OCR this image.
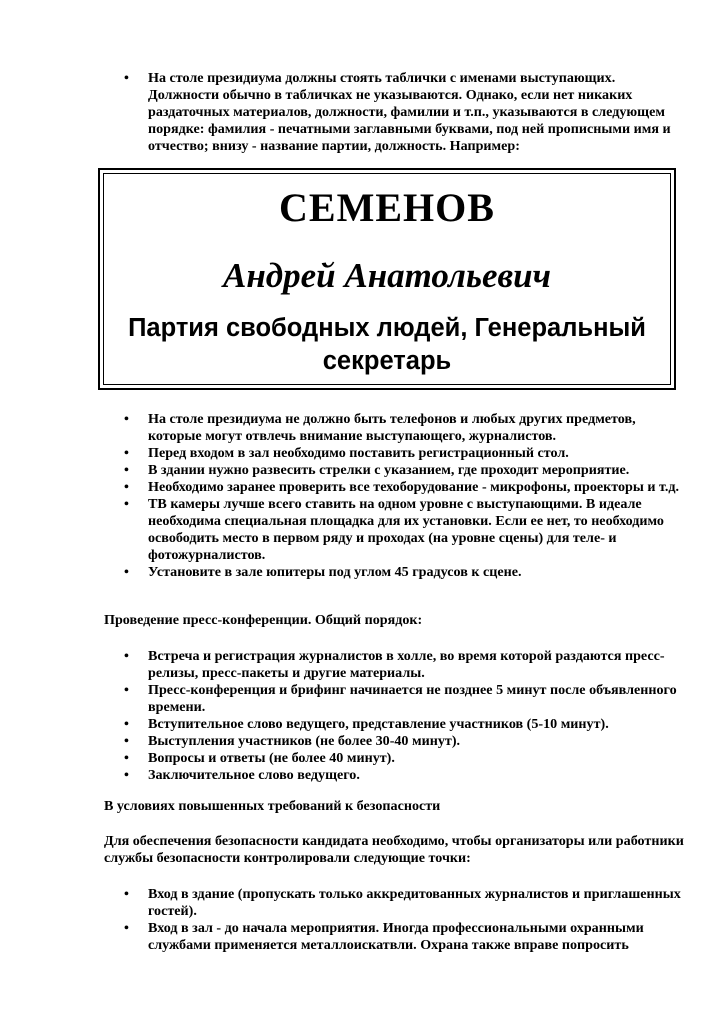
• На столе президиума должны стоять таблички с именами выступающих. Должности обычно в табличках не указываются. Однако, если нет никаких раздаточных материалов, должности, фамилии и т.п., указываются в следующем порядке: фамилия - печатными заглавными буквами, под ней прописными имя и отчество; внизу - название партии, должность. Например:
СЕМЕНОВ
Андрей Анатольевич
Партия свободных людей, Генеральный секретарь
• На столе президиума не должно быть телефонов и любых других предметов, которые могут отвлечь внимание выступающего, журналистов.
• Перед входом в зал необходимо поставить регистрационный стол.
• В здании нужно развесить стрелки с указанием, где проходит мероприятие.
• Необходимо заранее проверить все техоборудование - микрофоны, проекторы и т.д.
• ТВ камеры лучше всего ставить на одном уровне с выступающими. В идеале необходима специальная площадка для их установки. Если ее нет, то необходимо освободить место в первом ряду и проходах (на уровне сцены) для теле- и фотожурналистов.
• Установите в зале юпитеры под углом 45 градусов к сцене.
Проведение пресс-конференции. Общий порядок:
• Встреча и регистрация журналистов в холле, во время которой раздаются пресс-релизы, пресс-пакеты и другие материалы.
• Пресс-конференция и брифинг начинается не позднее 5 минут после объявленного времени.
• Вступительное слово ведущего, представление участников (5-10 минут).
• Выступления участников (не более 30-40 минут).
• Вопросы и ответы (не более 40 минут).
• Заключительное слово ведущего.
В условиях повышенных требований к безопасности
Для обеспечения безопасности кандидата необходимо, чтобы организаторы или работники службы безопасности контролировали следующие точки:
• Вход в здание (пропускать только аккредитованных журналистов и приглашенных гостей).
• Вход в зал - до начала мероприятия. Иногда профессиональными охранными службами применяется металлоискатвли. Охрана также вправе попросить
